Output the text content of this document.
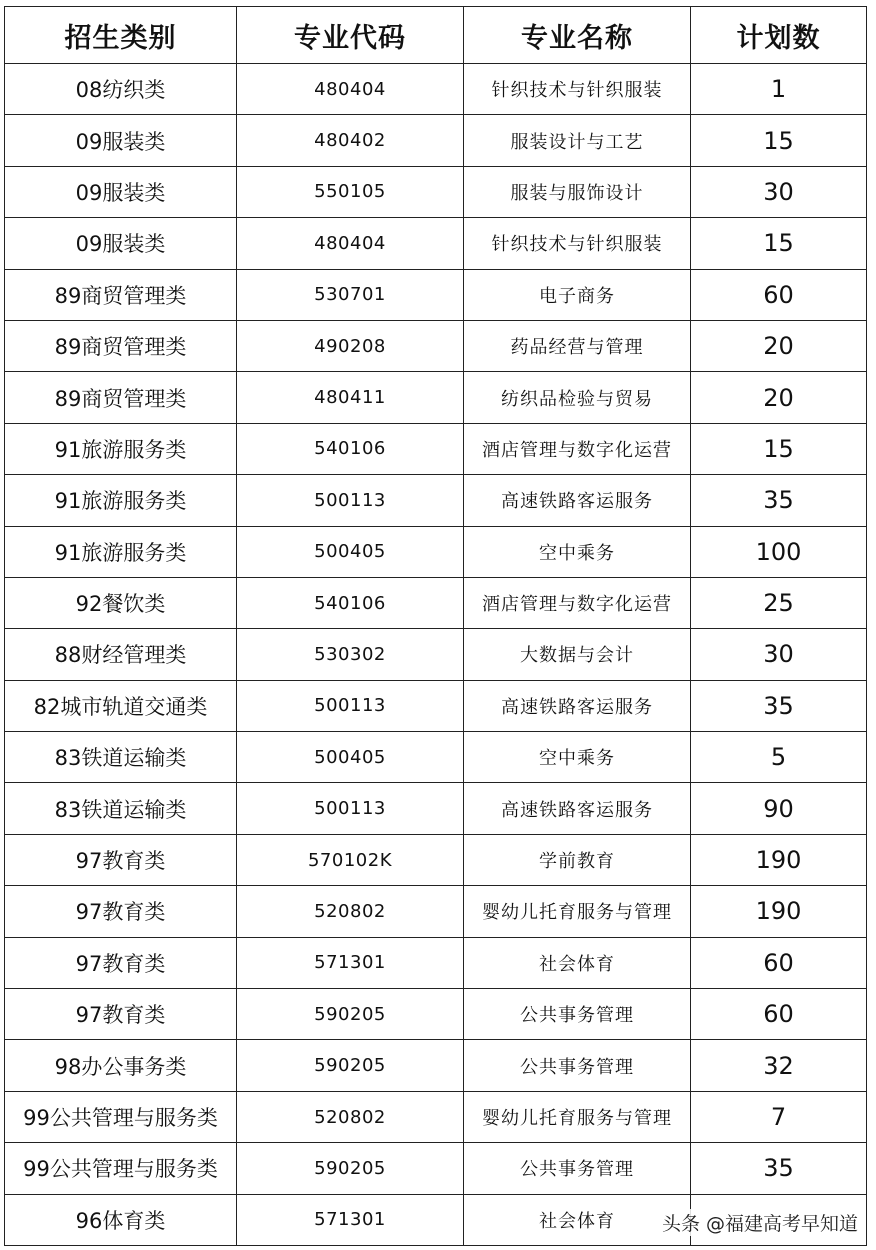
招生类别	专业代码	专业名称	计划数
08纺织类	480404	针织技术与针织服装	1
09服装类	480402	服装设计与工艺	15
09服装类	550105	服装与服饰设计	30
09服装类	480404	针织技术与针织服装	15
89商贸管理类	530701	电子商务	60
89商贸管理类	490208	药品经营与管理	20
89商贸管理类	480411	纺织品检验与贸易	20
91旅游服务类	540106	酒店管理与数字化运营	15
91旅游服务类	500113	高速铁路客运服务	35
91旅游服务类	500405	空中乘务	100
92餐饮类	540106	酒店管理与数字化运营	25
88财经管理类	530302	大数据与会计	30
82城市轨道交通类	500113	高速铁路客运服务	35
83铁道运输类	500405	空中乘务	5
83铁道运输类	500113	高速铁路客运服务	90
97教育类	570102K	学前教育	190
97教育类	520802	婴幼儿托育服务与管理	190
97教育类	571301	社会体育	60
97教育类	590205	公共事务管理	60
98办公事务类	590205	公共事务管理	32
99公共管理与服务类	520802	婴幼儿托育服务与管理	7
99公共管理与服务类	590205	公共事务管理	35
96体育类	571301	社会体育	头条 @福建高考早知道
